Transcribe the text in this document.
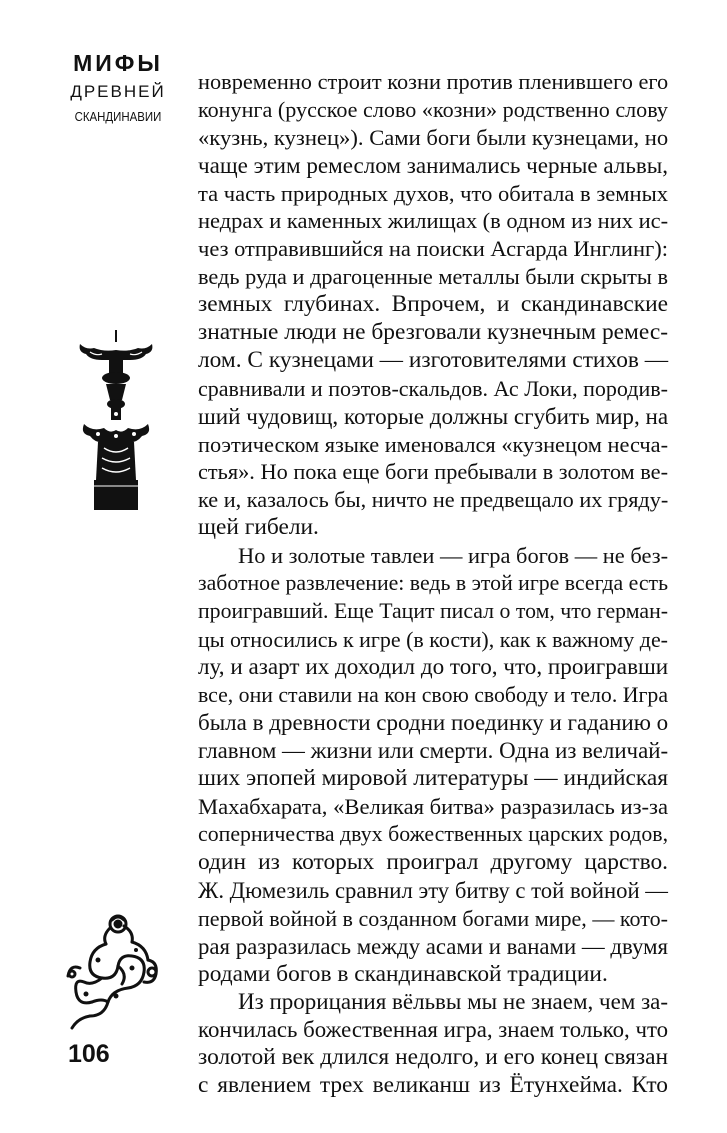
МИФЫ
ДРЕВНЕЙ
СКАНДИНАВИИ
106
новременно строит козни против пленившего его
конунга (русское слово «козни» родственно слову
«кузнь, кузнец»). Сами боги были кузнецами, но
чаще этим ремеслом занимались черные альвы,
та часть природных духов, что обитала в земных
недрах и каменных жилищах (в одном из них ис-
чез отправившийся на поиски Асгарда Инглинг):
ведь руда и драгоценные металлы были скрыты в
земных глубинах. Впрочем, и скандинавские
знатные люди не брезговали кузнечным ремес-
лом. С кузнецами — изготовителями стихов —
сравнивали и поэтов-скальдов. Ас Локи, породив-
ший чудовищ, которые должны сгубить мир, на
поэтическом языке именовался «кузнецом несча-
стья». Но пока еще боги пребывали в золотом ве-
ке и, казалось бы, ничто не предвещало их гряду-
щей гибели.
Но и золотые тавлеи — игра богов — не без-
заботное развлечение: ведь в этой игре всегда есть
проигравший. Еще Тацит писал о том, что герман-
цы относились к игре (в кости), как к важному де-
лу, и азарт их доходил до того, что, проигравши
все, они ставили на кон свою свободу и тело. Игра
была в древности сродни поединку и гаданию о
главном — жизни или смерти. Одна из величай-
ших эпопей мировой литературы — индийская
Махабхарата, «Великая битва» разразилась из-за
соперничества двух божественных царских родов,
один из которых проиграл другому царство.
Ж. Дюмезиль сравнил эту битву с той войной —
первой войной в созданном богами мире, — кото-
рая разразилась между асами и ванами — двумя
родами богов в скандинавской традиции.
Из прорицания вёльвы мы не знаем, чем за-
кончилась божественная игра, знаем только, что
золотой век длился недолго, и его конец связан
с явлением трех великанш из Ётунхейма. Кто
